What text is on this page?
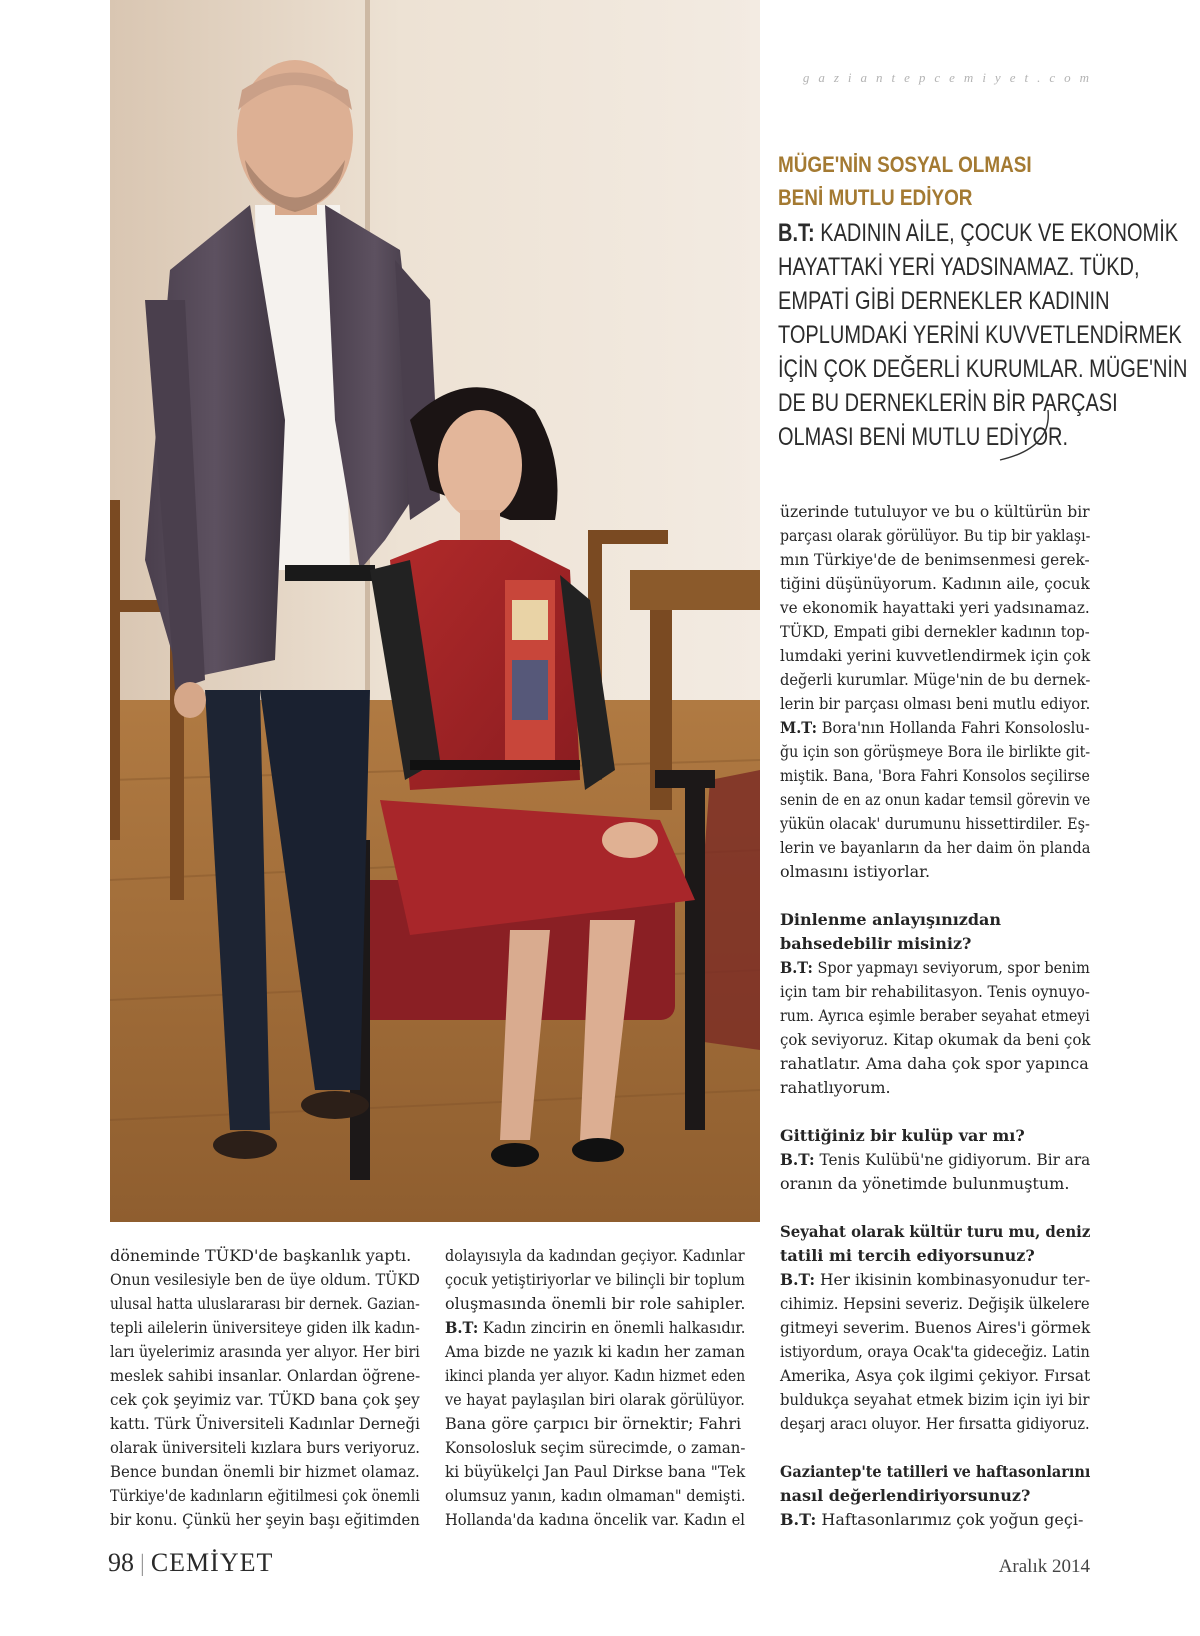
gaziantepcemiyet.com
MÜGE'NİN SOSYAL OLMASI
BENİ MUTLU EDİYOR
B.T: KADININ AİLE, ÇOCUK VE EKONOMİK
HAYATTAKİ YERİ YADSINAMAZ. TÜKD,
EMPATİ GİBİ DERNEKLER KADININ
TOPLUMDAKİ YERİNİ KUVVETLENDİRMEK
İÇİN ÇOK DEĞERLİ KURUMLAR. MÜGE'NİN
DE BU DERNEKLERİN BİR PARÇASI
OLMASI BENİ MUTLU EDİYOR.
üzerinde tutuluyor ve bu o kültürün bir
parçası olarak görülüyor. Bu tip bir yaklaşı-
mın Türkiye'de de benimsenmesi gerek-
tiğini düşünüyorum. Kadının aile, çocuk
ve ekonomik hayattaki yeri yadsınamaz.
TÜKD, Empati gibi dernekler kadının top-
lumdaki yerini kuvvetlendirmek için çok
değerli kurumlar. Müge'nin de bu dernek-
lerin bir parçası olması beni mutlu ediyor.
M.T: Bora'nın Hollanda Fahri Konsoloslu-
ğu için son görüşmeye Bora ile birlikte git-
miştik. Bana, 'Bora Fahri Konsolos seçilirse
senin de en az onun kadar temsil görevin ve
yükün olacak' durumunu hissettirdiler. Eş-
lerin ve bayanların da her daim ön planda
olmasını istiyorlar.
Dinlenme anlayışınızdan
bahsedebilir misiniz?
B.T: Spor yapmayı seviyorum, spor benim
için tam bir rehabilitasyon. Tenis oynuyo-
rum. Ayrıca eşimle beraber seyahat etmeyi
çok seviyoruz. Kitap okumak da beni çok
rahatlatır. Ama daha çok spor yapınca
rahatlıyorum.
Gittiğiniz bir kulüp var mı?
B.T: Tenis Kulübü'ne gidiyorum. Bir ara
oranın da yönetimde bulunmuştum.
Seyahat olarak kültür turu mu, deniz
tatili mi tercih ediyorsunuz?
B.T: Her ikisinin kombinasyonudur ter-
cihimiz. Hepsini severiz. Değişik ülkelere
gitmeyi severim. Buenos Aires'i görmek
istiyordum, oraya Ocak'ta gideceğiz. Latin
Amerika, Asya çok ilgimi çekiyor. Fırsat
buldukça seyahat etmek bizim için iyi bir
deşarj aracı oluyor. Her fırsatta gidiyoruz.
Gaziantep'te tatilleri ve haftasonlarını
nasıl değerlendiriyorsunuz?
B.T: Haftasonlarımız çok yoğun geçi-
döneminde TÜKD'de başkanlık yaptı.
Onun vesilesiyle ben de üye oldum. TÜKD
ulusal hatta uluslararası bir dernek. Gazian-
tepli ailelerin üniversiteye giden ilk kadın-
ları üyelerimiz arasında yer alıyor. Her biri
meslek sahibi insanlar. Onlardan öğrene-
cek çok şeyimiz var. TÜKD bana çok şey
kattı. Türk Üniversiteli Kadınlar Derneği
olarak üniversiteli kızlara burs veriyoruz.
Bence bundan önemli bir hizmet olamaz.
Türkiye'de kadınların eğitilmesi çok önemli
bir konu. Çünkü her şeyin başı eğitimden
dolayısıyla da kadından geçiyor. Kadınlar
çocuk yetiştiriyorlar ve bilinçli bir toplum
oluşmasında önemli bir role sahipler.
B.T: Kadın zincirin en önemli halkasıdır.
Ama bizde ne yazık ki kadın her zaman
ikinci planda yer alıyor. Kadın hizmet eden
ve hayat paylaşılan biri olarak görülüyor.
Bana göre çarpıcı bir örnektir; Fahri
Konsolosluk seçim sürecimde, o zaman-
ki büyükelçi Jan Paul Dirkse bana "Tek
olumsuz yanın, kadın olmaman" demişti.
Hollanda'da kadına öncelik var. Kadın el
98 | CEMİYET	Aralık 2014
